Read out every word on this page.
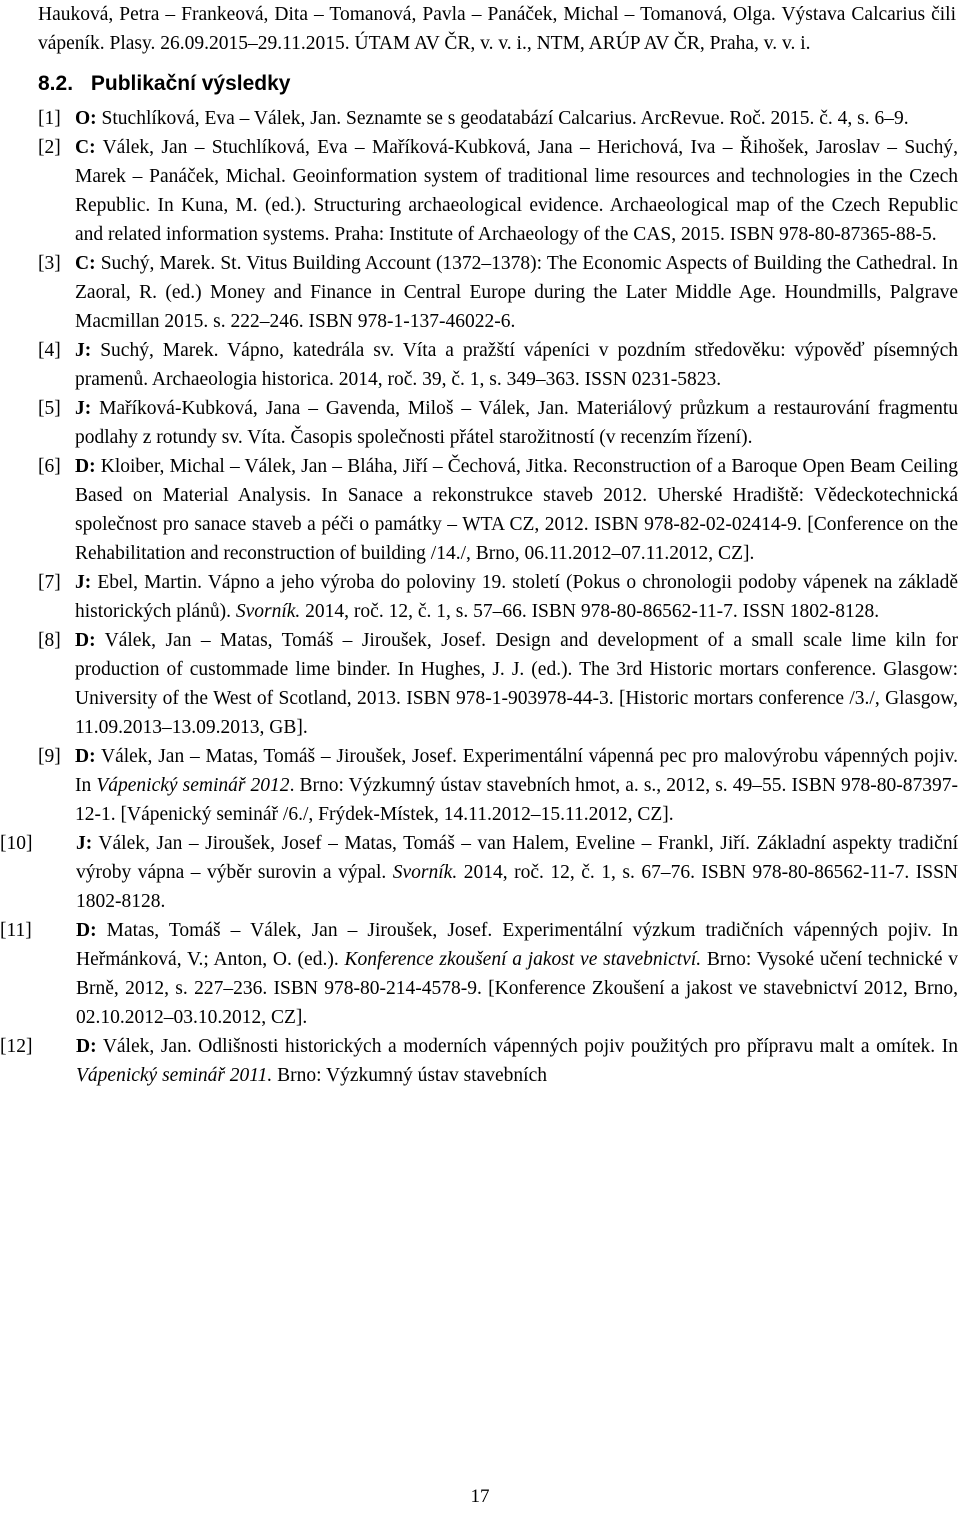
Hauková, Petra – Frankeová, Dita – Tomanová, Pavla – Panáček, Michal – Tomanová, Olga. Výstava Calcarius čili vápeník. Plasy. 26.09.2015–29.11.2015. ÚTAM AV ČR, v. v. i., NTM, ARÚP AV ČR, Praha, v. v. i.

8.2. Publikační výsledky
[1] O: Stuchlíková, Eva – Válek, Jan. Seznamte se s geodatabází Calcarius. ArcRevue. Roč. 2015. č. 4, s. 6–9.
[2] C: Válek, Jan – Stuchlíková, Eva – Maříková-Kubková, Jana – Herichová, Iva – Řihošek, Jaroslav – Suchý, Marek – Panáček, Michal. Geoinformation system of traditional lime resources and technologies in the Czech Republic. In Kuna, M. (ed.). Structuring archaeological evidence. Archaeological map of the Czech Republic and related information systems. Praha: Institute of Archaeology of the CAS, 2015. ISBN 978-80-87365-88-5.
[3] C: Suchý, Marek. St. Vitus Building Account (1372–1378): The Economic Aspects of Building the Cathedral. In Zaoral, R. (ed.) Money and Finance in Central Europe during the Later Middle Age. Houndmills, Palgrave Macmillan 2015. s. 222–246. ISBN 978-1-137-46022-6.
[4] J: Suchý, Marek. Vápno, katedrála sv. Víta a pražští vápeníci v pozdním středověku: výpověď písemných pramenů. Archaeologia historica. 2014, roč. 39, č. 1, s. 349–363. ISSN 0231-5823.
[5] J: Maříková-Kubková, Jana – Gavenda, Miloš – Válek, Jan. Materiálový průzkum a restaurování fragmentu podlahy z rotundy sv. Víta. Časopis společnosti přátel starožitností (v recenzím řízení).
[6] D: Kloiber, Michal – Válek, Jan – Bláha, Jiří – Čechová, Jitka. Reconstruction of a Baroque Open Beam Ceiling Based on Material Analysis. In Sanace a rekonstrukce staveb 2012. Uherské Hradiště: Vědeckotechnická společnost pro sanace staveb a péči o památky – WTA CZ, 2012. ISBN 978-82-02-02414-9. [Conference on the Rehabilitation and reconstruction of building /14./, Brno, 06.11.2012–07.11.2012, CZ].
[7] J: Ebel, Martin. Vápno a jeho výroba do poloviny 19. století (Pokus o chronologii podoby vápenek na základě historických plánů). Svorník. 2014, roč. 12, č. 1, s. 57–66. ISBN 978-80-86562-11-7. ISSN 1802-8128.
[8] D: Válek, Jan – Matas, Tomáš – Jiroušek, Josef. Design and development of a small scale lime kiln for production of custommade lime binder. In Hughes, J. J. (ed.). The 3rd Historic mortars conference. Glasgow: University of the West of Scotland, 2013. ISBN 978-1-903978-44-3. [Historic mortars conference /3./, Glasgow, 11.09.2013–13.09.2013, GB].
[9] D: Válek, Jan – Matas, Tomáš – Jiroušek, Josef. Experimentální vápenná pec pro malovýrobu vápenných pojiv. In Vápenický seminář 2012. Brno: Výzkumný ústav stavebních hmot, a. s., 2012, s. 49–55. ISBN 978-80-87397-12-1. [Vápenický seminář /6./, Frýdek-Místek, 14.11.2012–15.11.2012, CZ].
[10]	J: Válek, Jan – Jiroušek, Josef – Matas, Tomáš – van Halem, Eveline – Frankl, Jiří. Základní aspekty tradiční výroby vápna – výběr surovin a výpal. Svorník. 2014, roč. 12, č. 1, s. 67–76. ISBN 978-80-86562-11-7. ISSN 1802-8128.
[11]	D: Matas, Tomáš – Válek, Jan – Jiroušek, Josef. Experimentální výzkum tradičních vápenných pojiv. In Heřmánková, V.; Anton, O. (ed.). Konference zkoušení a jakost ve stavebnictví. Brno: Vysoké učení technické v Brně, 2012, s. 227–236. ISBN 978-80-214-4578-9. [Konference Zkoušení a jakost ve stavebnictví 2012, Brno, 02.10.2012–03.10.2012, CZ].
[12]	D: Válek, Jan. Odlišnosti historických a moderních vápenných pojiv použitých pro přípravu malt a omítek. In Vápenický seminář 2011. Brno: Výzkumný ústav stavebních
17
